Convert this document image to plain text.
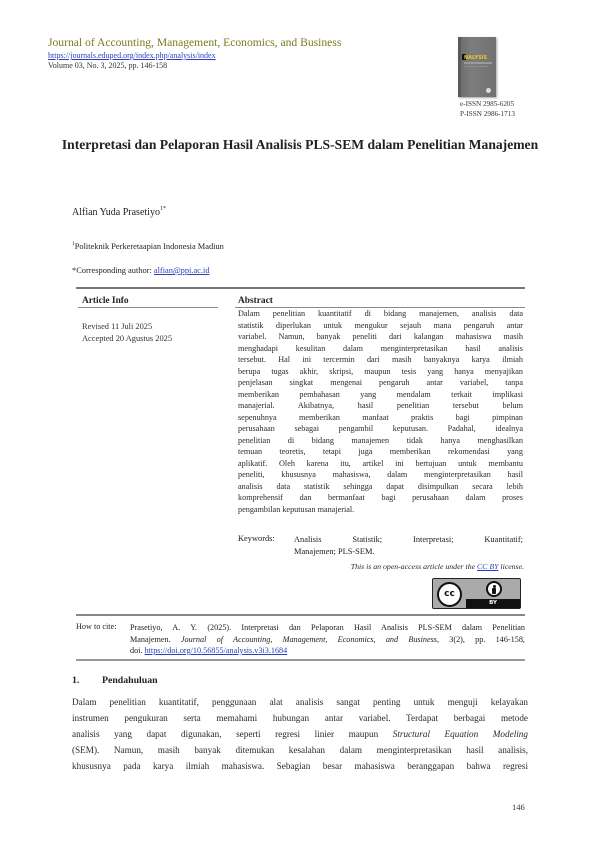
Journal of Accounting, Management, Economics, and Business
https://journals.eduped.org/index.php/analysis/index
Volume 03, No. 3, 2025, pp. 146-158
NALYSIS
e-ISSN 2985-6205
P-ISSN 2986-1713
Interpretasi dan Pelaporan Hasil Analisis PLS-SEM dalam Penelitian Manajemen
Alfian Yuda Prasetiyo$^{1*}$
$^1$Politeknik Perkeretaapian Indonesia Madiun
*Corresponding author: alfian@ppi.ac.id
Article Info
Revised 11 Juli 2025
Accepted 20 Agustus 2025
Abstract
Dalam penelitian kuantitatif di bidang manajemen, analisis data
statistik diperlukan untuk mengukur sejauh mana pengaruh antar
variabel. Namun, banyak peneliti dari kalangan mahasiswa masih
menghadapi kesulitan dalam menginterpretasikan hasil analisis
tersebut. Hal ini tercermin dari masih banyaknya karya ilmiah
berupa tugas akhir, skripsi, maupun tesis yang hanya menyajikan
penjelasan singkat mengenai pengaruh antar variabel, tanpa
memberikan pembahasan yang mendalam terkait implikasi
manajerial. Akibatnya, hasil penelitian tersebut belum
sepenuhnya memberikan manfaat praktis bagi pimpinan
perusahaan sebagai pengambil keputusan. Padahal, idealnya
penelitian di bidang manajemen tidak hanya menghasilkan
temuan teoretis, tetapi juga memberikan rekomendasi yang
aplikatif. Oleh karena itu, artikel ini bertujuan untuk membantu
peneliti, khususnya mahasiswa, dalam menginterpretasikan hasil
analisis data statistik sehingga dapat disimpulkan secara lebih
komprehensif dan bermanfaat bagi perusahaan dalam proses
pengambilan keputusan manajerial.
Keywords: Analisis Statistik; Interpretasi; Kuantitatif;
Manajemen; PLS-SEM.
This is an open-access article under the CC BY license.
cc
BY
How to cite: Prasetiyo, A. Y. (2025). Interpretasi dan Pelaporan Hasil Analisis PLS-SEM dalam Penelitian
Manajemen. Journal of Accounting, Management, Economics, and Business, 3(2), pp. 146-158,
doi. https://doi.org/10.56855/analysis.v3i3.1684
1. Pendahuluan
Dalam penelitian kuantitatif, penggunaan alat analisis sangat penting untuk menguji kelayakan
instrumen pengukuran serta memahami hubungan antar variabel. Terdapat berbagai metode
analisis yang dapat digunakan, seperti regresi linier maupun Structural Equation Modeling
(SEM). Namun, masih banyak ditemukan kesalahan dalam menginterpretasikan hasil analisis,
khususnya pada karya ilmiah mahasiswa. Sebagian besar mahasiswa beranggapan bahwa regresi
146
